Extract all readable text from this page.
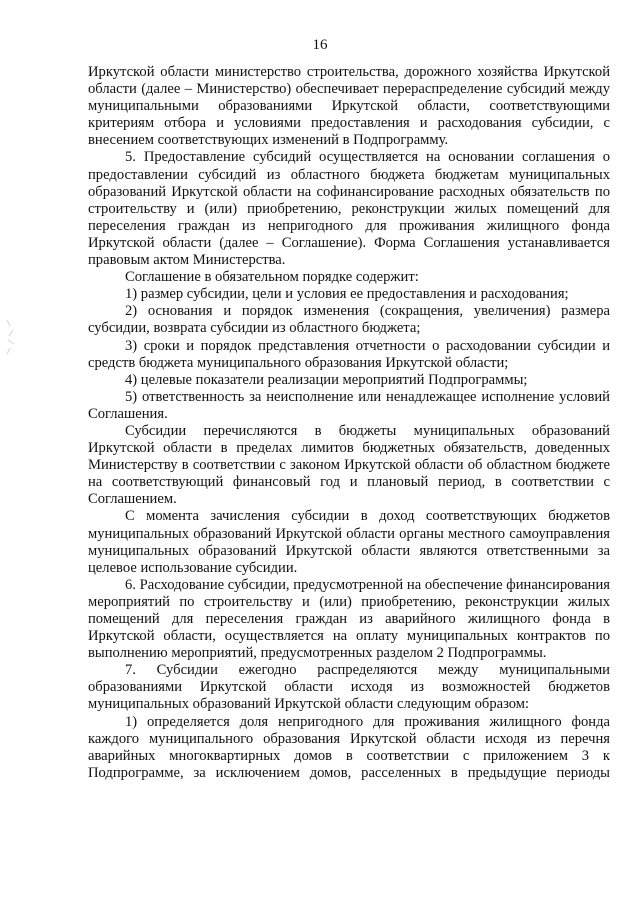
16

Иркутской области министерство строительства, дорожного хозяйства Иркутской области (далее – Министерство) обеспечивает перераспределение субсидий между муниципальными образованиями Иркутской области, соответствующими критериям отбора и условиями предоставления и расходования субсидии, с внесением соответствующих изменений в Подпрограмму.

5. Предоставление субсидий осуществляется на основании соглашения о предоставлении субсидий из областного бюджета бюджетам муниципальных образований Иркутской области на софинансирование расходных обязательств по строительству и (или) приобретению, реконструкции жилых помещений для переселения граждан из непригодного для проживания жилищного фонда Иркутской области (далее – Соглашение). Форма Соглашения устанавливается правовым актом Министерства.

Соглашение в обязательном порядке содержит:

1) размер субсидии, цели и условия ее предоставления и расходования;

2) основания и порядок изменения (сокращения, увеличения) размера субсидии, возврата субсидии из областного бюджета;

3) сроки и порядок представления отчетности о расходовании субсидии и средств бюджета муниципального образования Иркутской области;

4) целевые показатели реализации мероприятий Подпрограммы;

5) ответственность за неисполнение или ненадлежащее исполнение условий Соглашения.

Субсидии перечисляются в бюджеты муниципальных образований Иркутской области в пределах лимитов бюджетных обязательств, доведенных Министерству в соответствии с законом Иркутской области об областном бюджете на соответствующий финансовый год и плановый период, в соответствии с Соглашением.

С момента зачисления субсидии в доход соответствующих бюджетов муниципальных образований Иркутской области органы местного самоуправления муниципальных образований Иркутской области являются ответственными за целевое использование субсидии.

6. Расходование субсидии, предусмотренной на обеспечение финансирования мероприятий по строительству и (или) приобретению, реконструкции жилых помещений для переселения граждан из аварийного жилищного фонда в Иркутской области, осуществляется на оплату муниципальных контрактов по выполнению мероприятий, предусмотренных разделом 2 Подпрограммы.

7. Субсидии ежегодно распределяются между муниципальными образованиями Иркутской области исходя из возможностей бюджетов муниципальных образований Иркутской области следующим образом:

1) определяется доля непригодного для проживания жилищного фонда каждого муниципального образования Иркутской области исходя из перечня аварийных многоквартирных домов в соответствии с приложением 3 к Подпрограмме, за исключением домов, расселенных в предыдущие периоды
